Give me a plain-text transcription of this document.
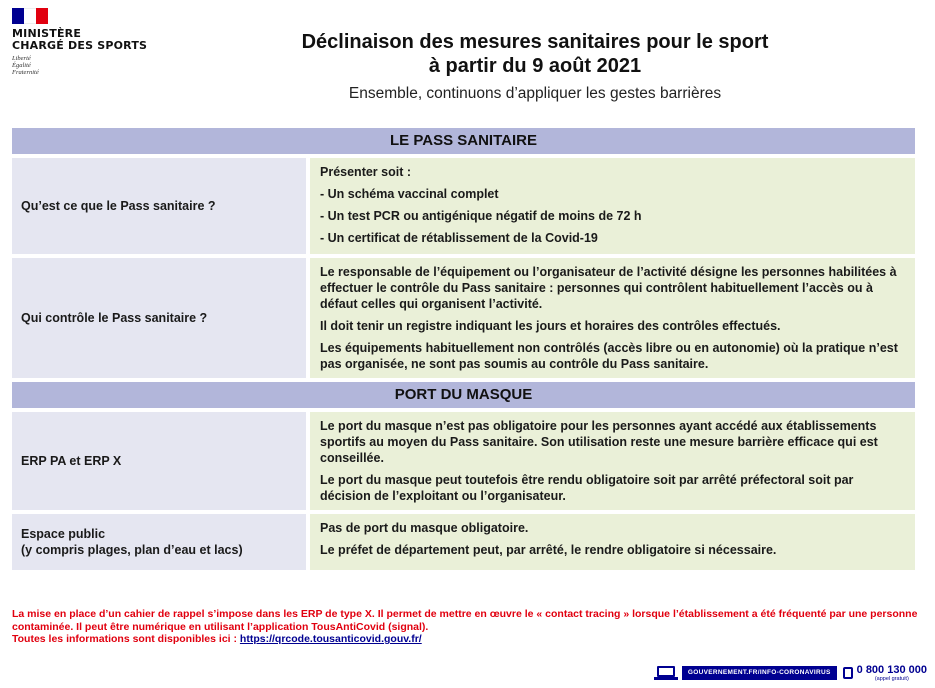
MINISTÈRE
CHARGÉ DES SPORTS
Liberté
Égalité
Fraternité
Déclinaison des mesures sanitaires pour le sport
à partir du 9 août 2021
Ensemble, continuons d’appliquer les gestes barrières
LE PASS SANITAIRE
Qu’est ce que le Pass sanitaire ?

Présenter soit :

- Un schéma vaccinal complet

- Un test PCR ou antigénique négatif de moins de 72 h

- Un certificat de rétablissement de la Covid-19

Qui contrôle le Pass sanitaire ?

Le responsable de l’équipement ou l’organisateur de l’activité désigne les personnes habilitées à effectuer le contrôle du Pass sanitaire : personnes qui contrôlent habituellement l’accès ou à défaut celles qui organisent l’activité.

Il doit tenir un registre indiquant les jours et horaires des contrôles effectués.

Les équipements habituellement non contrôlés (accès libre ou en autonomie) où la pratique n’est pas organisée, ne sont pas soumis au contrôle du Pass sanitaire.

PORT DU MASQUE
ERP PA et ERP X

Le port du masque n’est pas obligatoire pour les personnes ayant accédé aux établissements sportifs au moyen du Pass sanitaire. Son utilisation reste une mesure barrière efficace qui est conseillée.

Le port du masque peut toutefois être rendu obligatoire soit par arrêté préfectoral soit par décision de l’exploitant ou l’organisateur.

Espace public
(y compris plages, plan d’eau et lacs)

Pas de port du masque obligatoire.

Le préfet de département peut, par arrêté, le rendre obligatoire si nécessaire.

La mise en place d’un cahier de rappel s’impose dans les ERP de type X. Il permet de mettre en œuvre le « contact tracing » lorsque l’établissement a été fréquenté par une personne contaminée. Il peut être numérique en utilisant l’application TousAntiCovid (signal).
Toutes les informations sont disponibles ici : https://qrcode.tousanticovid.gouv.fr/
GOUVERNEMENT.FR/INFO-CORONAVIRUS	0 800 130 000
(appel gratuit)
